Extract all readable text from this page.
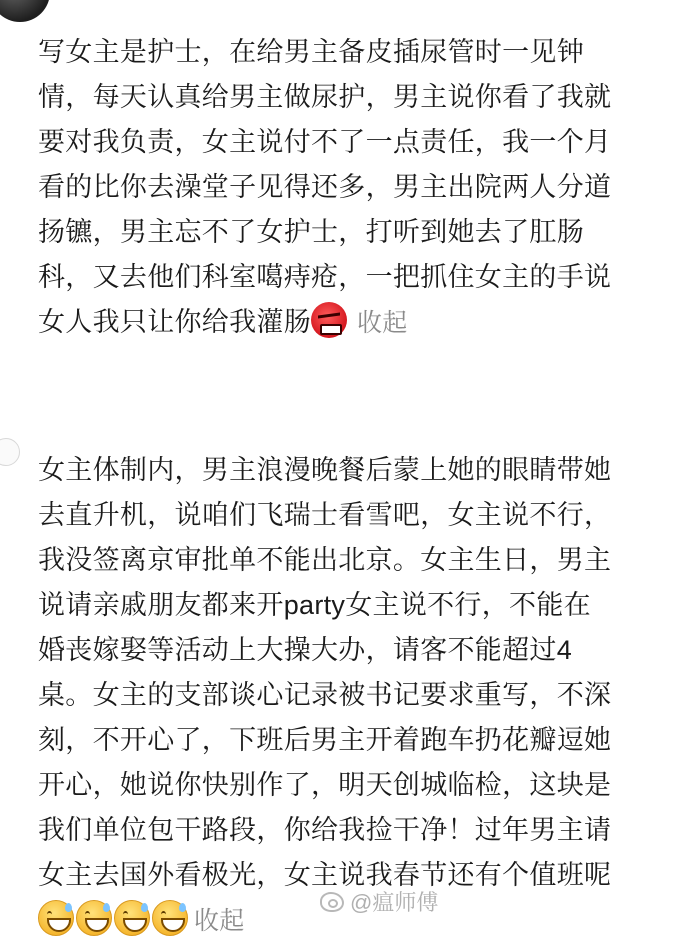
写女主是护士，在给男主备皮插尿管时一见钟
情，每天认真给男主做尿护，男主说你看了我就
要对我负责，女主说付不了一点责任，我一个月
看的比你去澡堂子见得还多，男主出院两人分道
扬镳，男主忘不了女护士，打听到她去了肛肠
科，又去他们科室噶痔疮，一把抓住女主的手说
女人我只让你给我灌肠 收起
女主体制内，男主浪漫晚餐后蒙上她的眼睛带她
去直升机，说咱们飞瑞士看雪吧，女主说不行，
我没签离京审批单不能出北京。女主生日，男主
说请亲戚朋友都来开party女主说不行，不能在
婚丧嫁娶等活动上大操大办，请客不能超过4
桌。女主的支部谈心记录被书记要求重写，不深
刻，不开心了，下班后男主开着跑车扔花瓣逗她
开心，她说你快别作了，明天创城临检，这块是
我们单位包干路段，你给我捡干净！过年男主请
女主去国外看极光，女主说我春节还有个值班呢
收起
@瘟师傅
